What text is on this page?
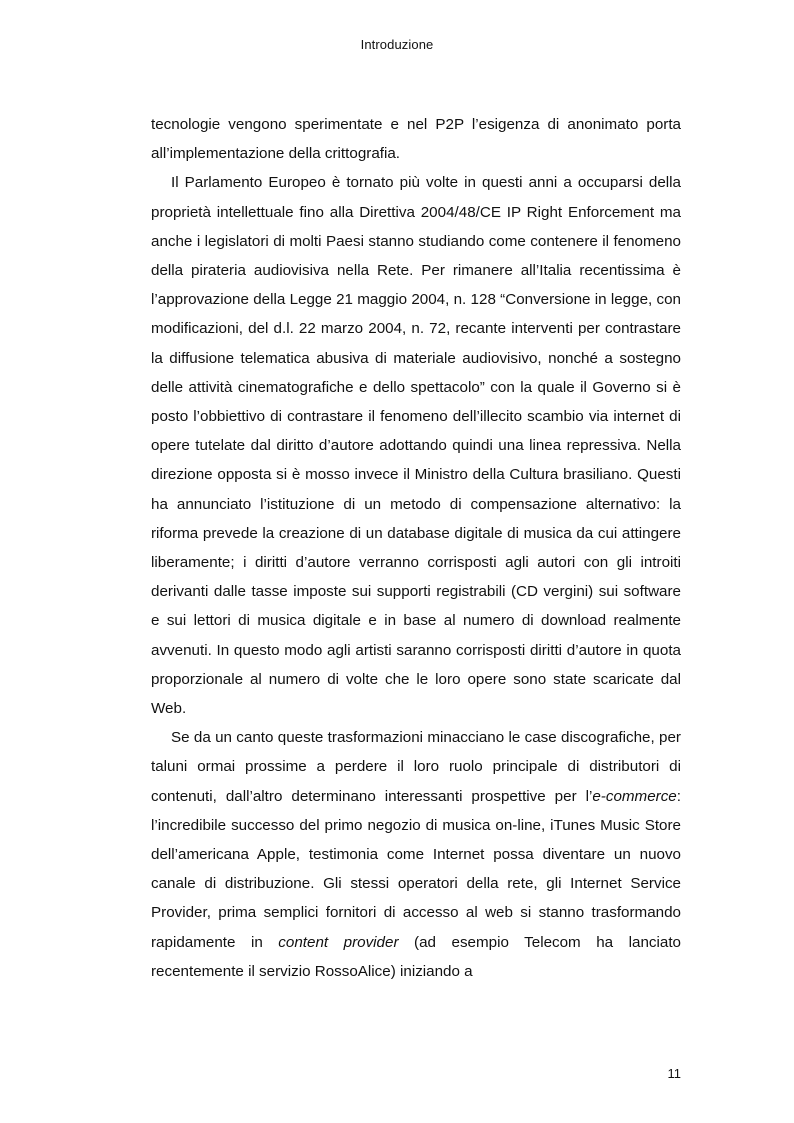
Introduzione

tecnologie vengono sperimentate e nel P2P l’esigenza di anonimato porta all’implementazione della crittografia.

Il Parlamento Europeo è tornato più volte in questi anni a occuparsi della proprietà intellettuale fino alla Direttiva 2004/48/CE IP Right Enforcement ma anche i legislatori di molti Paesi stanno studiando come contenere il fenomeno della pirateria audiovisiva nella Rete. Per rimanere all’Italia recentissima è l’approvazione della Legge 21 maggio 2004, n. 128 “Conversione in legge, con modificazioni, del d.l. 22 marzo 2004, n. 72, recante interventi per contrastare la diffusione telematica abusiva di materiale audiovisivo, nonché a sostegno delle attività cinematografiche e dello spettacolo” con la quale il Governo si è posto l’obbiettivo di contrastare il fenomeno dell’illecito scambio via internet di opere tutelate dal diritto d’autore adottando quindi una linea repressiva. Nella direzione opposta si è mosso invece il Ministro della Cultura brasiliano. Questi ha annunciato l’istituzione di un metodo di compensazione alternativo: la riforma prevede la creazione di un database digitale di musica da cui attingere liberamente; i diritti d’autore verranno corrisposti agli autori con gli introiti derivanti dalle tasse imposte sui supporti registrabili (CD vergini) sui software e sui lettori di musica digitale e in base al numero di download realmente avvenuti. In questo modo agli artisti saranno corrisposti diritti d’autore in quota proporzionale al numero di volte che le loro opere sono state scaricate dal Web.

Se da un canto queste trasformazioni minacciano le case discografiche, per taluni ormai prossime a perdere il loro ruolo principale di distributori di contenuti, dall’altro determinano interessanti prospettive per l’e-commerce: l’incredibile successo del primo negozio di musica on-line, iTunes Music Store dell’americana Apple, testimonia come Internet possa diventare un nuovo canale di distribuzione. Gli stessi operatori della rete, gli Internet Service Provider, prima semplici fornitori di accesso al web si stanno trasformando rapidamente in content provider (ad esempio Telecom ha lanciato recentemente il servizio RossoAlice) iniziando a

11
